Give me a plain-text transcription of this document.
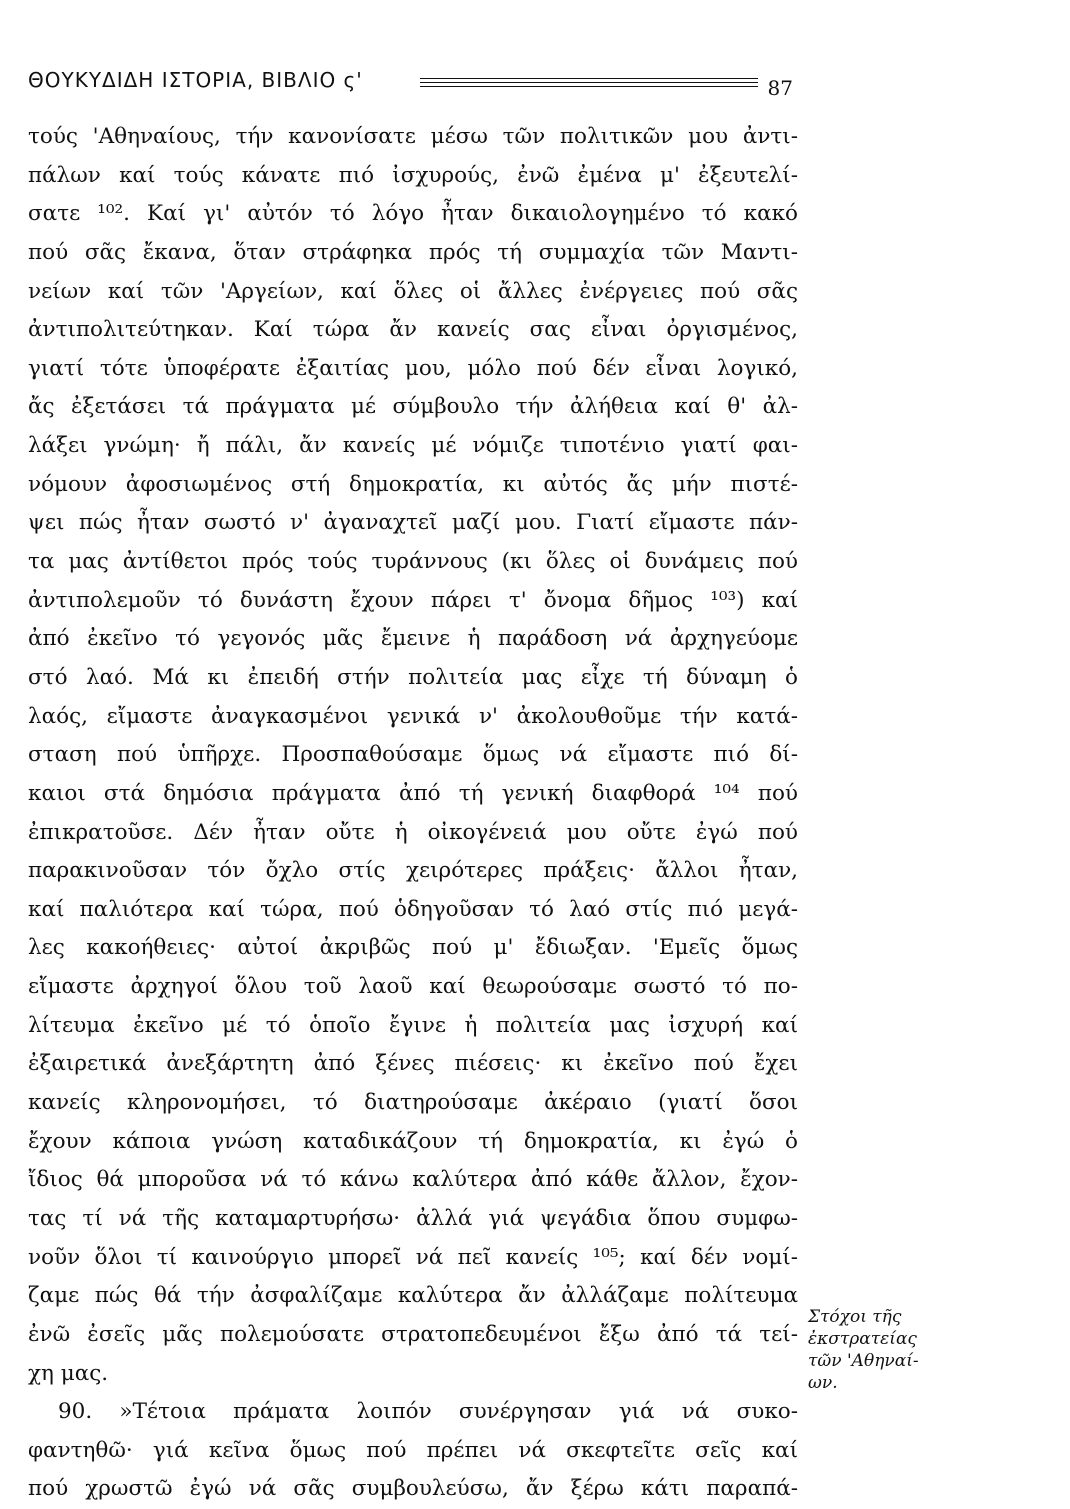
ΘΟΥΚΥΔΙΔΗ ΙΣΤΟΡΙΑ, ΒΙΒΛΙΟ ς'	87
τούς 'Αθηναίους, τήν κανονίσατε μέσω τῶν πολιτικῶν μου ἀντι-
πάλων καί τούς κάνατε πιό ἰσχυρούς, ἐνῶ ἐμένα μ' ἐξευτελί-
σατε ¹⁰². Καί γι' αὐτόν τό λόγο ἦταν δικαιολογημένο τό κακό
πού σᾶς ἔκανα, ὅταν στράφηκα πρός τή συμμαχία τῶν Μαντι-
νείων καί τῶν 'Αργείων, καί ὅλες οἱ ἄλλες ἐνέργειες πού σᾶς
ἀντιπολιτεύτηκαν. Καί τώρα ἄν κανείς σας εἶναι ὀργισμένος,
γιατί τότε ὑποφέρατε ἐξαιτίας μου, μόλο πού δέν εἶναι λογικό,
ἄς ἐξετάσει τά πράγματα μέ σύμβουλο τήν ἀλήθεια καί θ' ἀλ-
λάξει γνώμη· ἤ πάλι, ἄν κανείς μέ νόμιζε τιποτένιο γιατί φαι-
νόμουν ἀφοσιωμένος στή δημοκρατία, κι αὐτός ἄς μήν πιστέ-
ψει πώς ἦταν σωστό ν' ἀγαναχτεῖ μαζί μου. Γιατί εἴμαστε πάν-
τα μας ἀντίθετοι πρός τούς τυράννους (κι ὅλες οἱ δυνάμεις πού
ἀντιπολεμοῦν τό δυνάστη ἔχουν πάρει τ' ὄνομα δῆμος ¹⁰³) καί
ἀπό ἐκεῖνο τό γεγονός μᾶς ἔμεινε ἡ παράδοση νά ἀρχηγεύομε
στό λαό. Μά κι ἐπειδή στήν πολιτεία μας εἶχε τή δύναμη ὁ
λαός, εἴμαστε ἀναγκασμένοι γενικά ν' ἀκολουθοῦμε τήν κατά-
σταση πού ὑπῆρχε. Προσπαθούσαμε ὅμως νά εἴμαστε πιό δί-
καιοι στά δημόσια πράγματα ἀπό τή γενική διαφθορά ¹⁰⁴ πού
ἐπικρατοῦσε. Δέν ἦταν οὔτε ἡ οἰκογένειά μου οὔτε ἐγώ πού
παρακινοῦσαν τόν ὄχλο στίς χειρότερες πράξεις· ἄλλοι ἦταν,
καί παλιότερα καί τώρα, πού ὁδηγοῦσαν τό λαό στίς πιό μεγά-
λες κακοήθειες· αὐτοί ἀκριβῶς πού μ' ἔδιωξαν. 'Εμεῖς ὅμως
εἴμαστε ἀρχηγοί ὅλου τοῦ λαοῦ καί θεωρούσαμε σωστό τό πο-
λίτευμα ἐκεῖνο μέ τό ὁποῖο ἔγινε ἡ πολιτεία μας ἰσχυρή καί
ἐξαιρετικά ἀνεξάρτητη ἀπό ξένες πιέσεις· κι ἐκεῖνο πού ἔχει
κανείς κληρονομήσει, τό διατηρούσαμε ἀκέραιο (γιατί ὅσοι
ἔχουν κάποια γνώση καταδικάζουν τή δημοκρατία, κι ἐγώ ὁ
ἴδιος θά μποροῦσα νά τό κάνω καλύτερα ἀπό κάθε ἄλλον, ἔχον-
τας τί νά τῆς καταμαρτυρήσω· ἀλλά γιά ψεγάδια ὅπου συμφω-
νοῦν ὅλοι τί καινούργιο μπορεῖ νά πεῖ κανείς ¹⁰⁵; καί δέν νομί-
ζαμε πώς θά τήν ἀσφαλίζαμε καλύτερα ἄν ἀλλάζαμε πολίτευμα
ἐνῶ ἐσεῖς μᾶς πολεμούσατε στρατοπεδευμένοι ἔξω ἀπό τά τεί-
χη μας.
90. »Τέτοια πράματα λοιπόν συνέργησαν γιά νά συκο-
φαντηθῶ· γιά κεῖνα ὅμως πού πρέπει νά σκεφτεῖτε σεῖς καί
πού χρωστῶ ἐγώ νά σᾶς συμβουλεύσω, ἄν ξέρω κάτι παραπά-
Στόχοι τῆς
ἐκστρατείας
τῶν 'Αθηναί-
ων.
